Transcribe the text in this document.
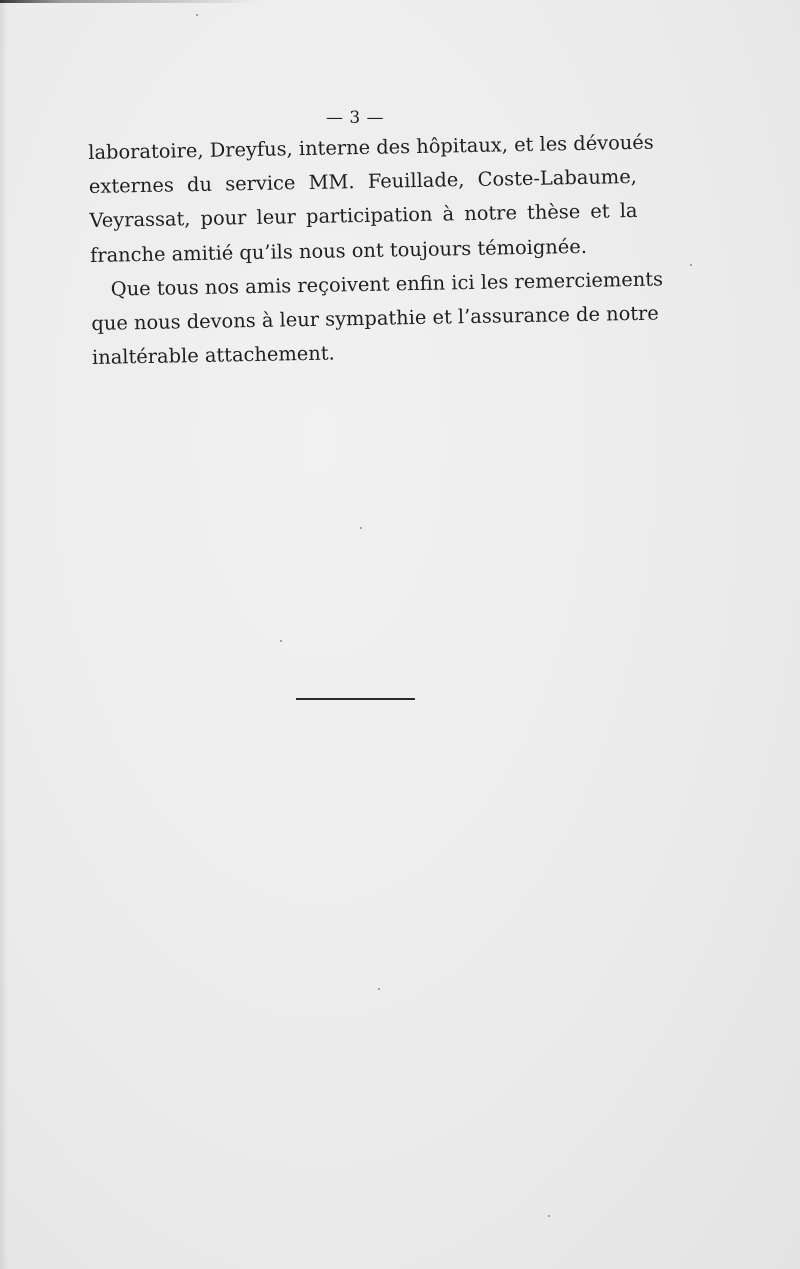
— 3 —
laboratoire, Dreyfus, interne des hôpitaux, et les dévoués
externes du service MM. Feuillade, Coste-Labaume,
Veyrassat, pour leur participation à notre thèse et la
franche amitié qu’ils nous ont toujours témoignée.
Que tous nos amis reçoivent enfin ici les remerciements
que nous devons à leur sympathie et l’assurance de notre
inaltérable attachement.
